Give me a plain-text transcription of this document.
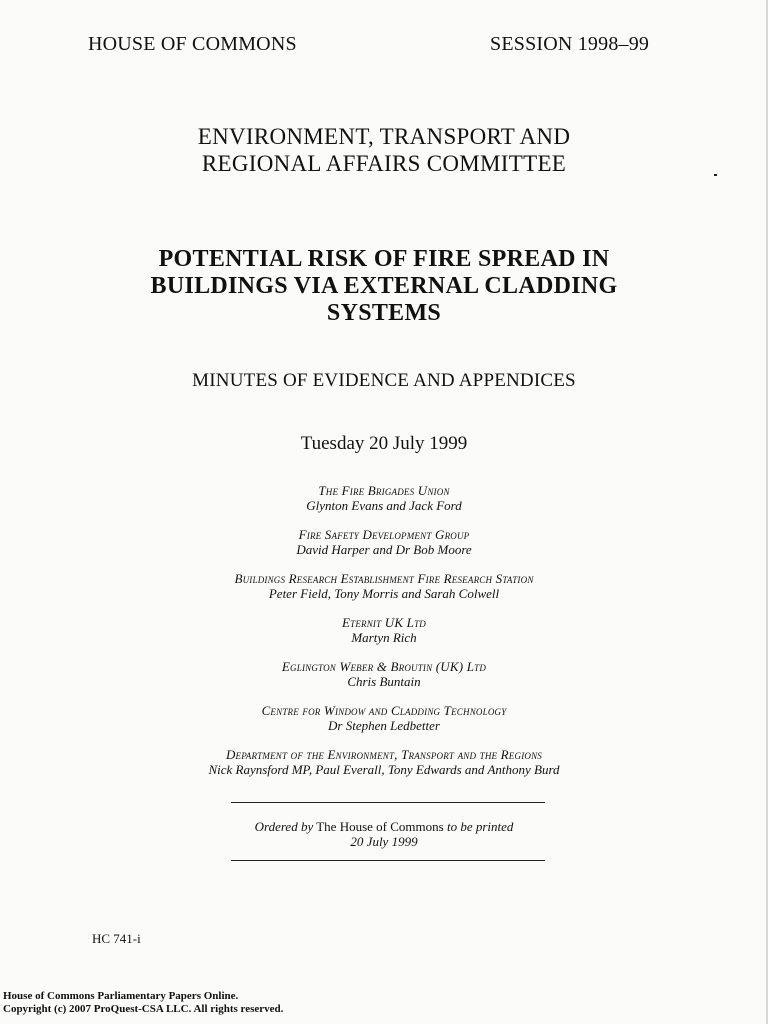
HOUSE OF COMMONS	SESSION 1998–99
ENVIRONMENT, TRANSPORT AND
REGIONAL AFFAIRS COMMITTEE
POTENTIAL RISK OF FIRE SPREAD IN
BUILDINGS VIA EXTERNAL CLADDING
SYSTEMS
MINUTES OF EVIDENCE AND APPENDICES
Tuesday 20 July 1999
The Fire Brigades Union
Glynton Evans and Jack Ford
Fire Safety Development Group
David Harper and Dr Bob Moore
Buildings Research Establishment Fire Research Station
Peter Field, Tony Morris and Sarah Colwell
Eternit UK Ltd
Martyn Rich
Eglington Weber & Broutin (UK) Ltd
Chris Buntain
Centre for Window and Cladding Technology
Dr Stephen Ledbetter
Department of the Environment, Transport and the Regions
Nick Raynsford MP, Paul Everall, Tony Edwards and Anthony Burd
Ordered by The House of Commons to be printed
20 July 1999
HC 741-i
House of Commons Parliamentary Papers Online.
Copyright (c) 2007 ProQuest-CSA LLC. All rights reserved.
